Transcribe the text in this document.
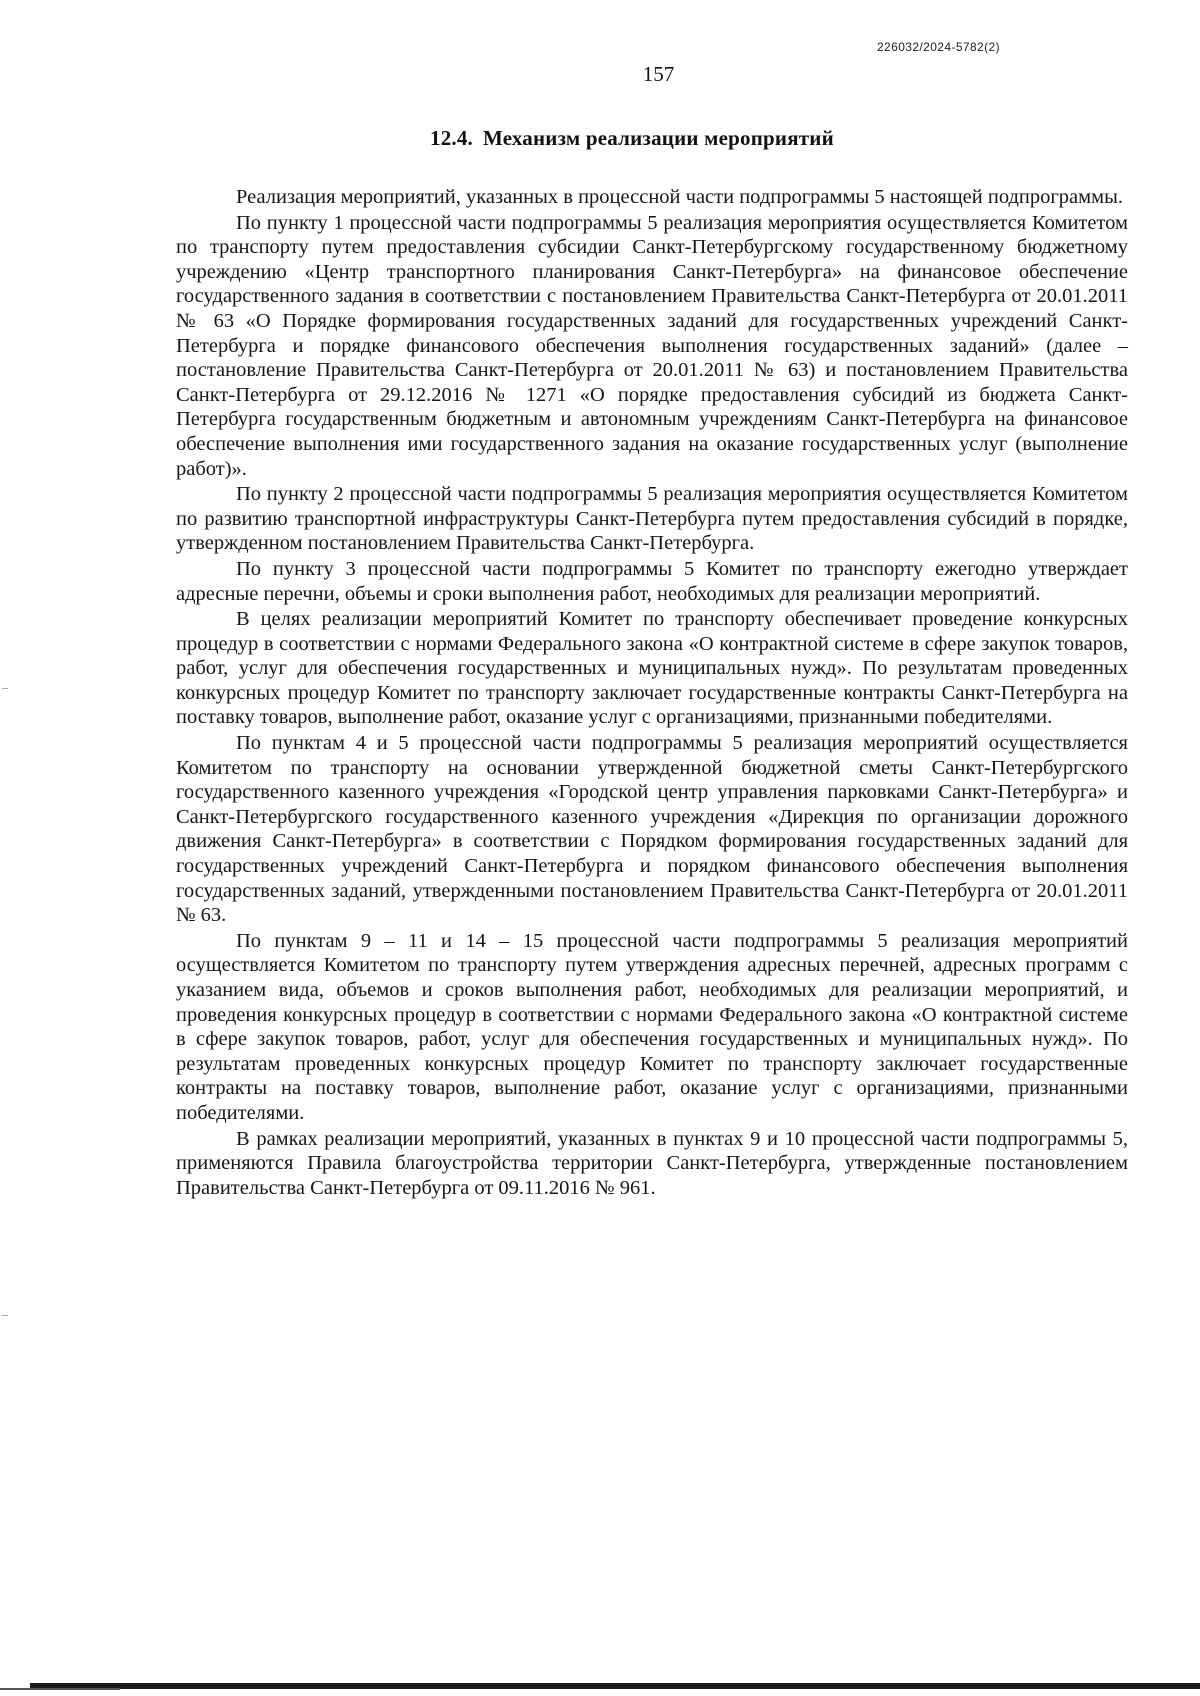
226032/2024-5782(2)
157
12.4. Механизм реализации мероприятий

Реализация мероприятий, указанных в процессной части подпрограммы 5 настоящей подпрограммы.

По пункту 1 процессной части подпрограммы 5 реализация мероприятия осуществляется Комитетом по транспорту путем предоставления субсидии Санкт-Петербургскому государственному бюджетному учреждению «Центр транспортного планирования Санкт-Петербурга» на финансовое обеспечение государственного задания в соответствии с постановлением Правительства Санкт-Петербурга от 20.01.2011 № 63 «О Порядке формирования государственных заданий для государственных учреждений Санкт-Петербурга и порядке финансового обеспечения выполнения государственных заданий» (далее – постановление Правительства Санкт-Петербурга от 20.01.2011 № 63) и постановлением Правительства Санкт-Петербурга от 29.12.2016 № 1271 «О порядке предоставления субсидий из бюджета Санкт-Петербурга государственным бюджетным и автономным учреждениям Санкт-Петербурга на финансовое обеспечение выполнения ими государственного задания на оказание государственных услуг (выполнение работ)».

По пункту 2 процессной части подпрограммы 5 реализация мероприятия осуществляется Комитетом по развитию транспортной инфраструктуры Санкт-Петербурга путем предоставления субсидий в порядке, утвержденном постановлением Правительства Санкт-Петербурга.

По пункту 3 процессной части подпрограммы 5 Комитет по транспорту ежегодно утверждает адресные перечни, объемы и сроки выполнения работ, необходимых для реализации мероприятий.

В целях реализации мероприятий Комитет по транспорту обеспечивает проведение конкурсных процедур в соответствии с нормами Федерального закона «О контрактной системе в сфере закупок товаров, работ, услуг для обеспечения государственных и муниципальных нужд». По результатам проведенных конкурсных процедур Комитет по транспорту заключает государственные контракты Санкт-Петербурга на поставку товаров, выполнение работ, оказание услуг с организациями, признанными победителями.

По пунктам 4 и 5 процессной части подпрограммы 5 реализация мероприятий осуществляется Комитетом по транспорту на основании утвержденной бюджетной сметы Санкт-Петербургского государственного казенного учреждения «Городской центр управления парковками Санкт-Петербурга» и Санкт-Петербургского государственного казенного учреждения «Дирекция по организации дорожного движения Санкт-Петербурга» в соответствии с Порядком формирования государственных заданий для государственных учреждений Санкт-Петербурга и порядком финансового обеспечения выполнения государственных заданий, утвержденными постановлением Правительства Санкт-Петербурга от 20.01.2011 № 63.

По пунктам 9 – 11 и 14 – 15 процессной части подпрограммы 5 реализация мероприятий осуществляется Комитетом по транспорту путем утверждения адресных перечней, адресных программ с указанием вида, объемов и сроков выполнения работ, необходимых для реализации мероприятий, и проведения конкурсных процедур в соответствии с нормами Федерального закона «О контрактной системе в сфере закупок товаров, работ, услуг для обеспечения государственных и муниципальных нужд». По результатам проведенных конкурсных процедур Комитет по транспорту заключает государственные контракты на поставку товаров, выполнение работ, оказание услуг с организациями, признанными победителями.

В рамках реализации мероприятий, указанных в пунктах 9 и 10 процессной части подпрограммы 5, применяются Правила благоустройства территории Санкт-Петербурга, утвержденные постановлением Правительства Санкт-Петербурга от 09.11.2016 № 961.
